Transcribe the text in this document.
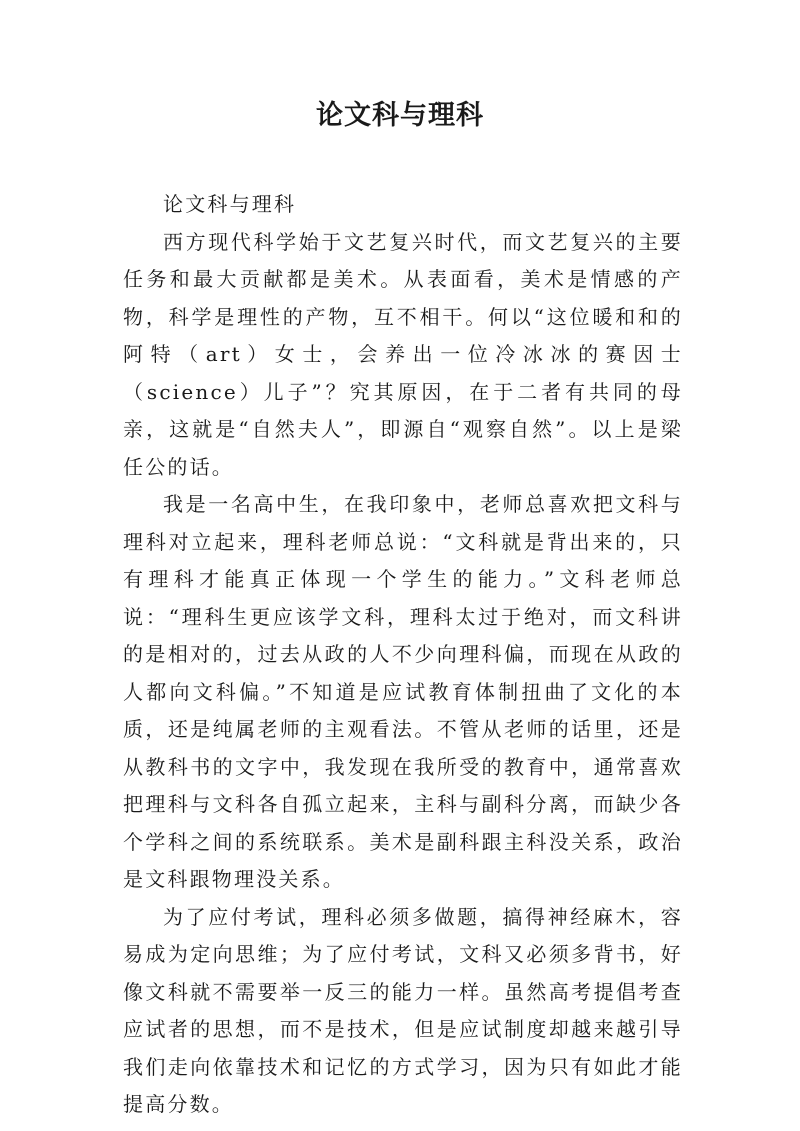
论文科与理科

论文科与理科

西方现代科学始于文艺复兴时代，而文艺复兴的主要任务和最大贡献都是美术。从表面看，美术是情感的产物，科学是理性的产物，互不相干。何以“这位暖和和的阿特（art）女士，会养出一位冷冰冰的赛因士（science）儿子”？究其原因，在于二者有共同的母亲，这就是“自然夫人”，即源自“观察自然”。以上是梁任公的话。

我是一名高中生，在我印象中，老师总喜欢把文科与理科对立起来，理科老师总说：“文科就是背出来的，只有理科才能真正体现一个学生的能力。”文科老师总说：“理科生更应该学文科，理科太过于绝对，而文科讲的是相对的，过去从政的人不少向理科偏，而现在从政的人都向文科偏。”不知道是应试教育体制扭曲了文化的本质，还是纯属老师的主观看法。不管从老师的话里，还是从教科书的文字中，我发现在我所受的教育中，通常喜欢把理科与文科各自孤立起来，主科与副科分离，而缺少各个学科之间的系统联系。美术是副科跟主科没关系，政治是文科跟物理没关系。

为了应付考试，理科必须多做题，搞得神经麻木，容易成为定向思维；为了应付考试，文科又必须多背书，好像文科就不需要举一反三的能力一样。虽然高考提倡考查应试者的思想，而不是技术，但是应试制度却越来越引导我们走向依靠技术和记忆的方式学习，因为只有如此才能提高分数。
